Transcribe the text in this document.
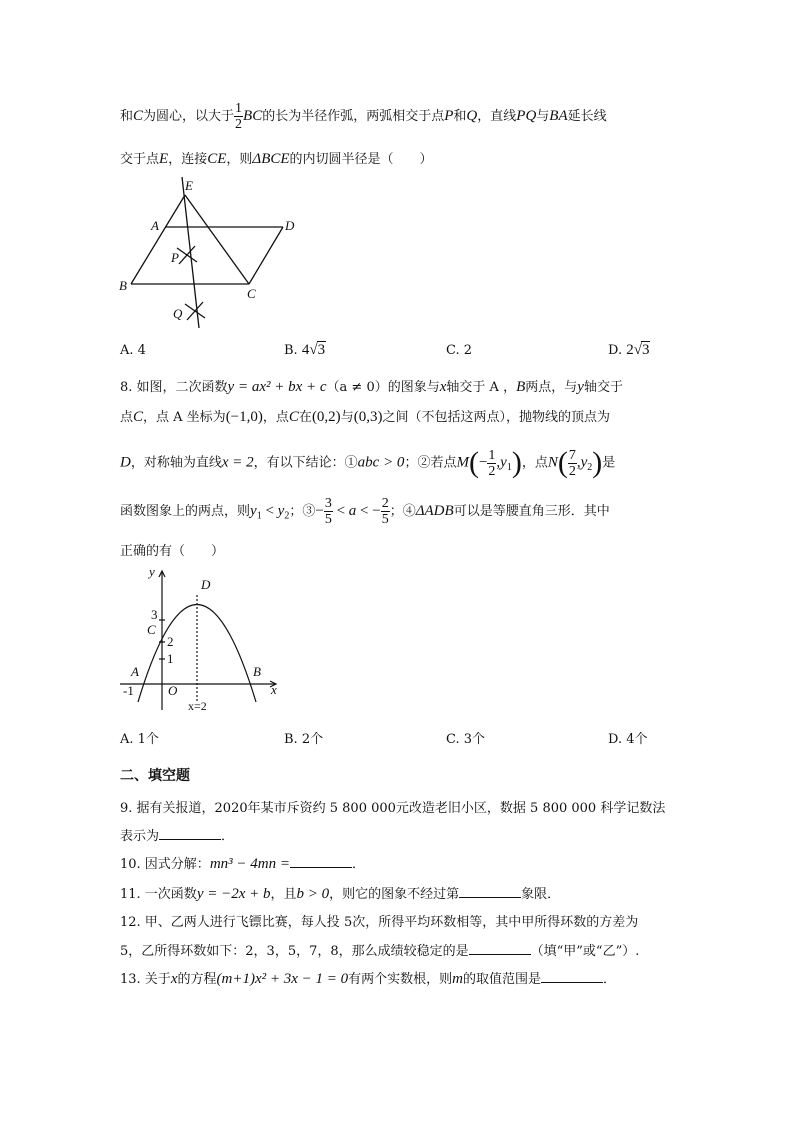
和C为圆心，以大于 $\frac{1}{2}$ BC的长为半径作弧，两弧相交于点P和Q，直线PQ与BA延长线
交于点E，连接CE，则ΔBCE的内切圆半径是（　　）
E
A	D
P
B
C
Q
A. 4	B. 4√3	C. 2	D. 2√3
8. 如图，二次函数y = ax² + bx + c（a ≠ 0）的图象与x轴交于 A ，B两点，与y轴交于
点C，点 A 坐标为(−1,0)，点C在(0,2)与(0,3)之间（不包括这两点），抛物线的顶点为
D，对称轴为直线x = 2，有以下结论：①abc > 0；②若点$M(- \frac{1}{2} ,y_1)$，点$N( \frac{7}{2} ,y_2)$是
函数图象上的两点，则$y_1 < y_2$；③− $\frac{3}{5} < a$ < − $\frac{2}{5}$ ；④ΔADB可以是等腰直角三形．其中
正确的有（　　）
y
D
3
C
2
1
A	B
-1	O	x
x=2
A. 1个	B. 2个	C. 3个	D. 4个
二、填空题
9. 据有关报道，2020年某市斥资约 5 800 000元改造老旧小区，数据 5 800 000 科学记数法
表示为	．
10. 因式分解：mn³ − 4mn =	．
11. 一次函数y = −2x + b，且b > 0，则它的图象不经过第	象限．
12. 甲、乙两人进行飞镖比赛，每人投 5次，所得平均环数相等，其中甲所得环数的方差为
5，乙所得环数如下：2，3，5，7，8，那么成绩较稳定的是	（填“甲”或“乙”）.
13. 关于x的方程(m+1)x² + 3x − 1 = 0有两个实数根，则m的取值范围是	．
